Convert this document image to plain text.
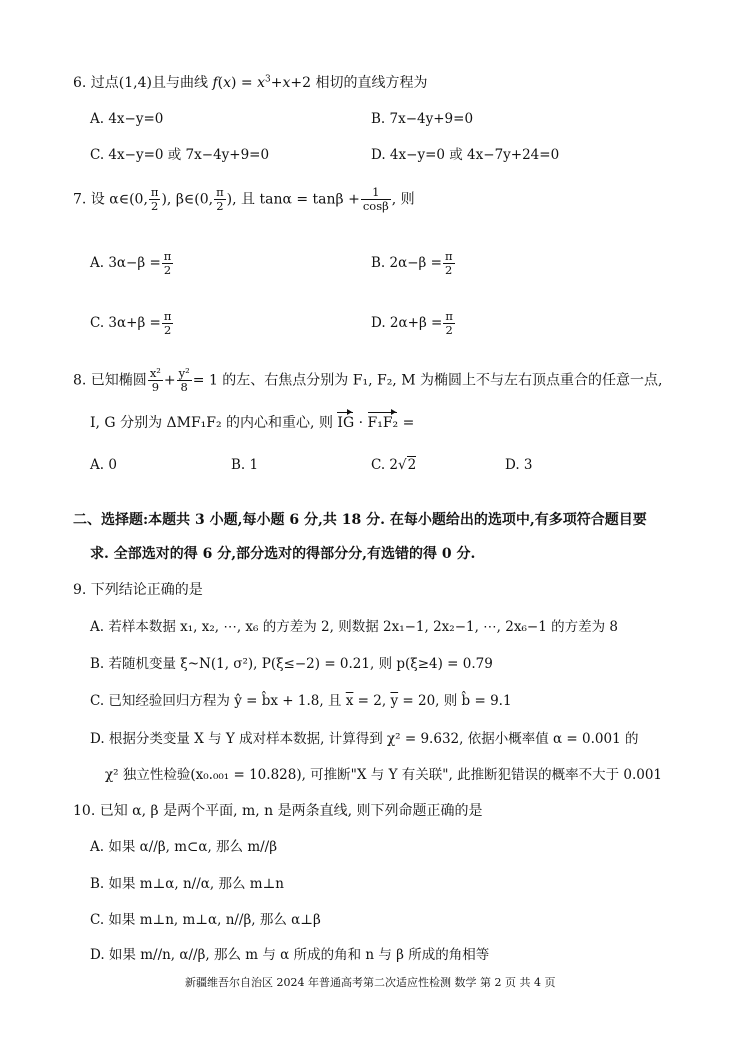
6. 过点(1,4)且与曲线 $f(x) = x^3+x+2$ 相切的直线方程为
A. 4x−y=0	B. 7x−4y+9=0
C. 4x−y=0 或 7x−4y+9=0	D. 4x−y=0 或 4x−7y+24=0
7. 设 α∈(0, $\frac{\pi}{2}$ ), β∈(0, $\frac{\pi}{2}$ ), 且 $\tan\alpha = \tan\beta + \frac{1}{\cos\beta}$ , 则
A. $3\alpha-\beta = \frac{\pi}{2}$	B. $2\alpha-\beta = \frac{\pi}{2}$
C. $3\alpha+\beta = \frac{\pi}{2}$	D. $2\alpha+\beta = \frac{\pi}{2}$
8. 已知椭圆 $\frac{\text{x²}}{9} + \frac{\text{y²}}{8} = 1$ 的左、右焦点分别为 F₁, F₂, M 为椭圆上不与左右顶点重合的任意一点,
I, G 分别为 ΔMF₁F₂ 的内心和重心, 则 IG · F₁F₂ =
A. 0	B. 1	C. 2√2	D. 3
二、选择题:本题共 3 小题,每小题 6 分,共 18 分. 在每小题给出的选项中,有多项符合题目要
求. 全部选对的得 6 分,部分选对的得部分分,有选错的得 0 分.
9. 下列结论正确的是
A. 若样本数据 x₁, x₂, ⋯, x₆ 的方差为 2, 则数据 2x₁−1, 2x₂−1, ⋯, 2x₆−1 的方差为 8
B. 若随机变量 ξ~N(1, σ²), P(ξ≤−2) = 0.21, 则 p(ξ≥4) = 0.79
C. 已知经验回归方程为 ŷ = b̂x + 1.8, 且 $\overline{x} = 2$, $\overline{y} = 20$, 则 b̂ = 9.1
D. 根据分类变量 X 与 Y 成对样本数据, 计算得到 χ² = 9.632, 依据小概率值 α = 0.001 的
χ² 独立性检验(x₀.₀₀₁ = 10.828), 可推断"X 与 Y 有关联", 此推断犯错误的概率不大于 0.001
10. 已知 α, β 是两个平面, m, n 是两条直线, 则下列命题正确的是
A. 如果 α//β, m⊂α, 那么 m//β
B. 如果 m⊥α, n//α, 那么 m⊥n
C. 如果 m⊥n, m⊥α, n//β, 那么 α⊥β
D. 如果 m//n, α//β, 那么 m 与 α 所成的角和 n 与 β 所成的角相等
新疆维吾尔自治区 2024 年普通高考第二次适应性检测 数学 第 2 页 共 4 页
